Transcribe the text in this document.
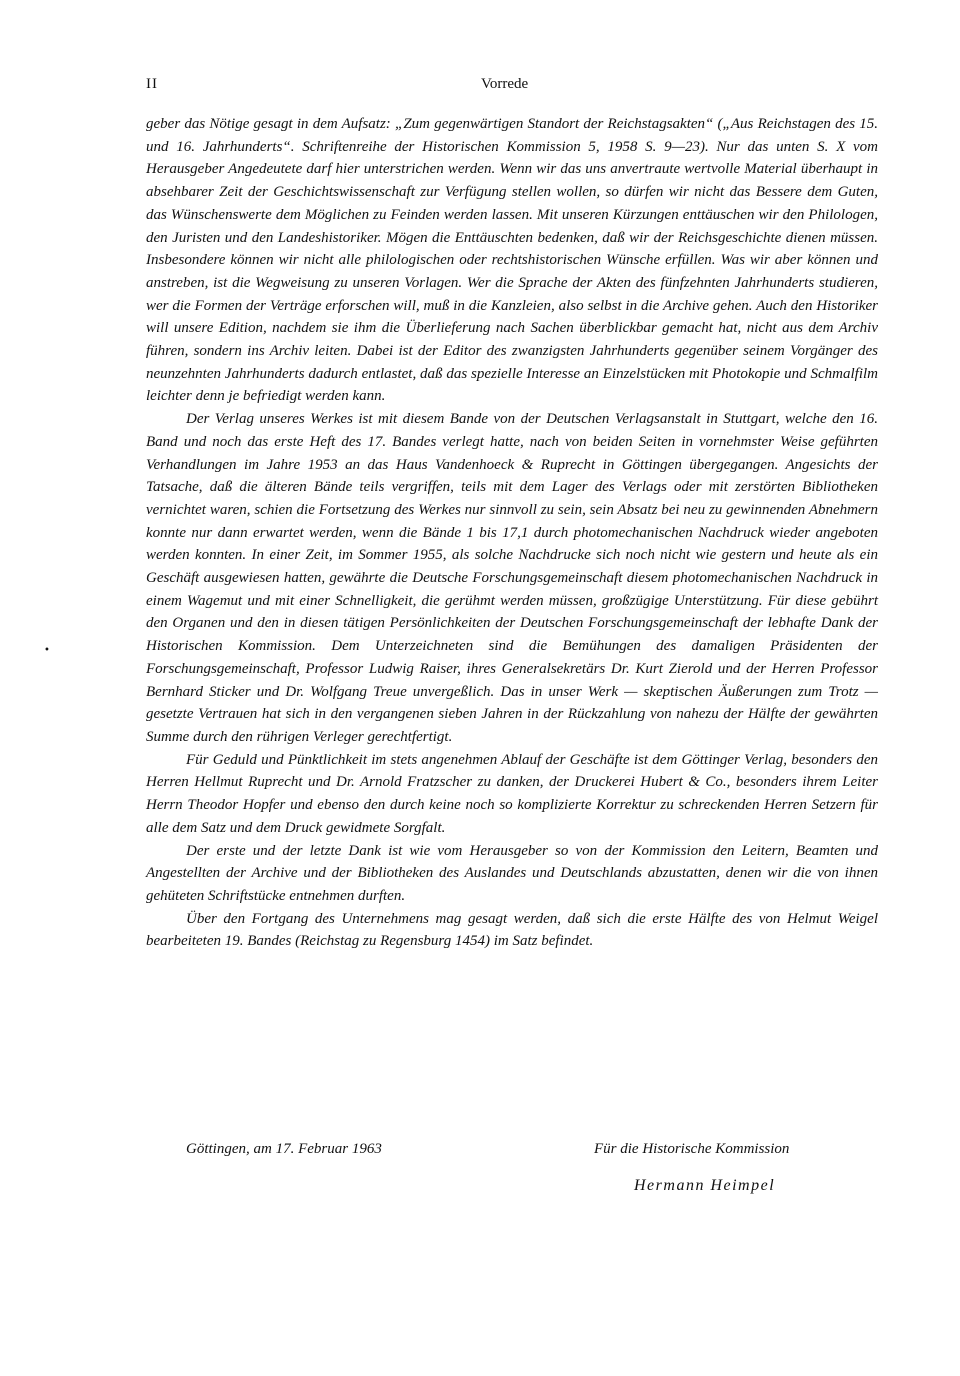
II	Vorrede
•

geber das Nötige gesagt in dem Aufsatz: „Zum gegenwärtigen Standort der Reichstagsakten“ („Aus Reichstagen des 15. und 16. Jahrhunderts“. Schriftenreihe der Historischen Kommission 5, 1958 S. 9—23). Nur das unten S. X vom Herausgeber Angedeutete darf hier unterstrichen werden. Wenn wir das uns anvertraute wertvolle Material überhaupt in absehbarer Zeit der Geschichtswissenschaft zur Verfügung stellen wollen, so dürfen wir nicht das Bessere dem Guten, das Wünschenswerte dem Möglichen zu Feinden werden lassen. Mit unseren Kürzungen enttäuschen wir den Philologen, den Juristen und den Landeshistoriker. Mögen die Enttäuschten bedenken, daß wir der Reichsgeschichte dienen müssen. Insbesondere können wir nicht alle philologischen oder rechtshistorischen Wünsche erfüllen. Was wir aber können und anstreben, ist die Wegweisung zu unseren Vorlagen. Wer die Sprache der Akten des fünfzehnten Jahrhunderts studieren, wer die Formen der Verträge erforschen will, muß in die Kanzleien, also selbst in die Archive gehen. Auch den Historiker will unsere Edition, nachdem sie ihm die Überlieferung nach Sachen überblickbar gemacht hat, nicht aus dem Archiv führen, sondern ins Archiv leiten. Dabei ist der Editor des zwanzigsten Jahrhunderts gegenüber seinem Vorgänger des neunzehnten Jahrhunderts dadurch entlastet, daß das spezielle Interesse an Einzelstücken mit Photokopie und Schmalfilm leichter denn je befriedigt werden kann.

Der Verlag unseres Werkes ist mit diesem Bande von der Deutschen Verlagsanstalt in Stuttgart, welche den 16. Band und noch das erste Heft des 17. Bandes verlegt hatte, nach von beiden Seiten in vornehmster Weise geführten Verhandlungen im Jahre 1953 an das Haus Vandenhoeck & Ruprecht in Göttingen übergegangen. Angesichts der Tatsache, daß die älteren Bände teils vergriffen, teils mit dem Lager des Verlags oder mit zerstörten Bibliotheken vernichtet waren, schien die Fortsetzung des Werkes nur sinnvoll zu sein, sein Absatz bei neu zu gewinnenden Abnehmern konnte nur dann erwartet werden, wenn die Bände 1 bis 17,1 durch photomechanischen Nachdruck wieder angeboten werden konnten. In einer Zeit, im Sommer 1955, als solche Nachdrucke sich noch nicht wie gestern und heute als ein Geschäft ausgewiesen hatten, gewährte die Deutsche Forschungsgemeinschaft diesem photomechanischen Nachdruck in einem Wagemut und mit einer Schnelligkeit, die gerühmt werden müssen, großzügige Unterstützung. Für diese gebührt den Organen und den in diesen tätigen Persönlichkeiten der Deutschen Forschungsgemeinschaft der lebhafte Dank der Historischen Kommission. Dem Unterzeichneten sind die Bemühungen des damaligen Präsidenten der Forschungsgemeinschaft, Professor Ludwig Raiser, ihres Generalsekretärs Dr. Kurt Zierold und der Herren Professor Bernhard Sticker und Dr. Wolfgang Treue unvergeßlich. Das in unser Werk — skeptischen Äußerungen zum Trotz — gesetzte Vertrauen hat sich in den vergangenen sieben Jahren in der Rückzahlung von nahezu der Hälfte der gewährten Summe durch den rührigen Verleger gerechtfertigt.

Für Geduld und Pünktlichkeit im stets angenehmen Ablauf der Geschäfte ist dem Göttinger Verlag, besonders den Herren Hellmut Ruprecht und Dr. Arnold Fratzscher zu danken, der Druckerei Hubert & Co., besonders ihrem Leiter Herrn Theodor Hopfer und ebenso den durch keine noch so komplizierte Korrektur zu schreckenden Herren Setzern für alle dem Satz und dem Druck gewidmete Sorgfalt.

Der erste und der letzte Dank ist wie vom Herausgeber so von der Kommission den Leitern, Beamten und Angestellten der Archive und der Bibliotheken des Auslandes und Deutschlands abzustatten, denen wir die von ihnen gehüteten Schriftstücke entnehmen durften.

Über den Fortgang des Unternehmens mag gesagt werden, daß sich die erste Hälfte des von Helmut Weigel bearbeiteten 19. Bandes (Reichstag zu Regensburg 1454) im Satz befindet.

Göttingen, am 17. Februar 1963	Für die Historische Kommission
Hermann Heimpel
